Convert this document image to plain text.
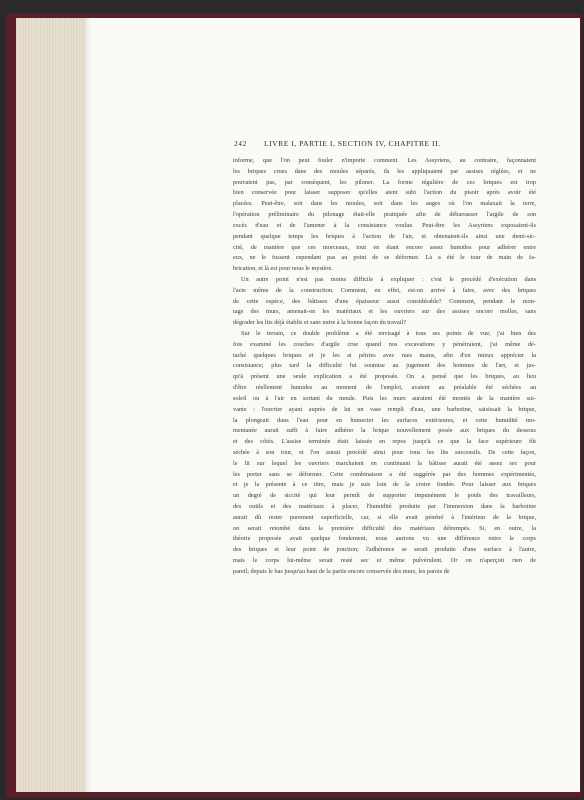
242 LIVRE I, PARTIE I, SECTION IV, CHAPITRE II.
informe, que l'on peut fouler n'importe comment. Les Assyriens, au contraire, façonnaient
les briques crues dans des moules séparés, ils les appliquaient par assises réglées, et ne
pouvaient pas, par conséquent, les piloner. La forme régulière de ces briques est trop
bien conservée pour laisser supposer qu'elles aient subi l'action du pisoir après avoir été
placées. Peut-être, soit dans les moules, soit dans les auges où l'on malaxait la terre,
l'opération préliminaire du pilonage était-elle pratiquée afin de débarrasser l'argile de son
excès d'eau et de l'amener à la consistance voulue. Peut-être les Assyriens exposaient-ils
pendant quelque temps les briques à l'action de l'air, et obtenaient-ils ainsi une demi-sic-
cité, de manière que ces morceaux, tout en étant encore assez humides pour adhérer entre
eux, ne le fussent cependant pas au point de se déformer. Là a été le tour de main de fa-
brication, et là est pour nous le mystère.
Un autre point n'est pas moins difficile à expliquer : c'est le procédé d'exécution dans
l'acte même de la construction. Comment, en effet, est-on arrivé à faire, avec des briques
de cette espèce, des bâtisses d'une épaisseur aussi considérable? Comment, pendant le mon-
tage des murs, amenait-on les matériaux et les ouvriers sur des assises encore molles, sans
dégrader les lits déjà établis et sans nuire à la bonne façon du travail?
Sur le terrain, ce double problème a été envisagé à tous ses points de vue; j'ai bien des
fois examiné les couches d'argile crue quand nos excavations y pénétraient, j'ai même dé-
taché quelques briques et je les ai pétries avec mes mains, afin d'en mieux apprécier la
consistance; plus tard la difficulté fut soumise au jugement des hommes de l'art, et jus-
qu'à présent une seule explication a été proposée. On a pensé que les briques, au lieu
d'être réellement humides au moment de l'emploi, avaient au préalable été séchées au
soleil ou à l'air en sortant du moule. Puis les murs auraient été montés de la manière sui-
vante : l'ouvrier ayant auprès de lui un vase rempli d'eau, une barbotine, saisissait la brique,
la plongeait dans l'eau pour en humecter les surfaces extérieures, et cette humidité mo-
mentanée aurait suffi à faire adhérer la brique nouvellement posée aux briques du dessous
et des côtés. L'assise terminée était laissée en repos jusqu'à ce que la face supérieure fût
séchée à son tour, et l'on aurait procédé ainsi pour tous les lits successifs. De cette façon,
le lit sur lequel les ouvriers marchaient en continuant la bâtisse aurait été assez sec pour
les porter sans se déformer. Cette combinaison a été suggérée par des hommes expérimentés,
et je la présente à ce titre, mais je suis loin de la croire fondée. Pour laisser aux briques
un degré de siccité qui leur permît de supporter impunément le poids des travailleurs,
des outils et des matériaux à placer, l'humidité produite par l'immersion dans la barbotine
aurait dû rester purement superficielle, car, si elle avait pénétré à l'intérieur de la brique,
on serait retombé dans la première difficulté des matériaux détrempés. Si, en outre, la
théorie proposée avait quelque fondement, nous aurions vu une différence entre le corps
des briques et leur point de jonction; l'adhérence se serait produite d'une surface à l'autre,
mais le corps lui-même serait resté sec et même pulvérulent. Or on n'aperçoit rien de
pareil; depuis le bas jusqu'au haut de la partie encore conservée des murs, les parois de
